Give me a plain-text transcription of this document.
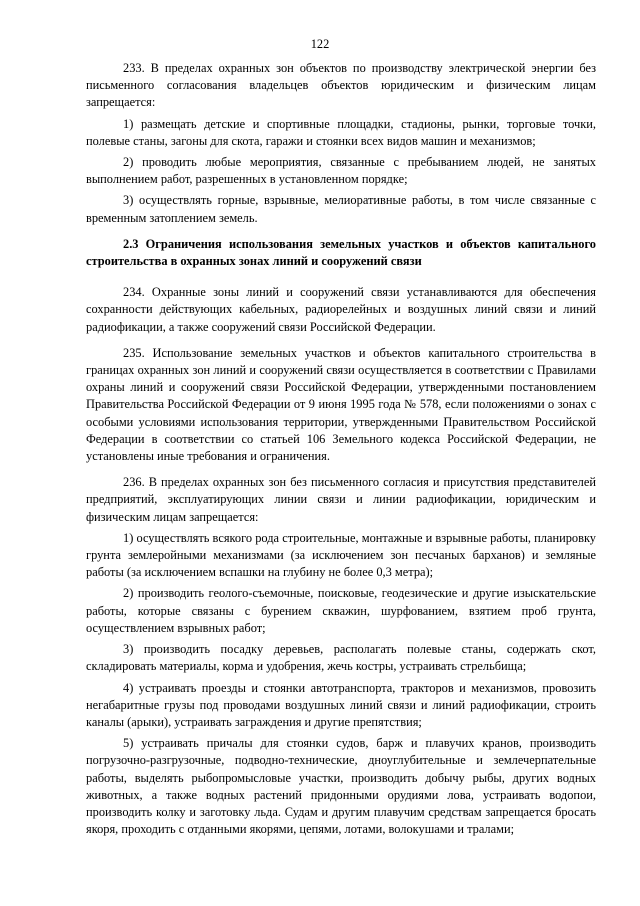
122

233. В пределах охранных зон объектов по производству электрической энергии без письменного согласования владельцев объектов юридическим и физическим лицам запрещается:

1) размещать детские и спортивные площадки, стадионы, рынки, торговые точки, полевые станы, загоны для скота, гаражи и стоянки всех видов машин и механизмов;

2) проводить любые мероприятия, связанные с пребыванием людей, не занятых выполнением работ, разрешенных в установленном порядке;

3) осуществлять горные, взрывные, мелиоративные работы, в том числе связанные с временным затоплением земель.

2.3 Ограничения использования земельных участков и объектов капитального строительства в охранных зонах линий и сооружений связи

234. Охранные зоны линий и сооружений связи устанавливаются для обеспечения сохранности действующих кабельных, радиорелейных и воздушных линий связи и линий радиофикации, а также сооружений связи Российской Федерации.

235. Использование земельных участков и объектов капитального строительства в границах охранных зон линий и сооружений связи осуществляется в соответствии с Правилами охраны линий и сооружений связи Российской Федерации, утвержденными постановлением Правительства Российской Федерации от 9 июня 1995 года № 578, если положениями о зонах с особыми условиями использования территории, утвержденными Правительством Российской Федерации в соответствии со статьей 106 Земельного кодекса Российской Федерации, не установлены иные требования и ограничения.

236. В пределах охранных зон без письменного согласия и присутствия представителей предприятий, эксплуатирующих линии связи и линии радиофикации, юридическим и физическим лицам запрещается:

1) осуществлять всякого рода строительные, монтажные и взрывные работы, планировку грунта землеройными механизмами (за исключением зон песчаных барханов) и земляные работы (за исключением вспашки на глубину не более 0,3 метра);

2) производить геолого-съемочные, поисковые, геодезические и другие изыскательские работы, которые связаны с бурением скважин, шурфованием, взятием проб грунта, осуществлением взрывных работ;

3) производить посадку деревьев, располагать полевые станы, содержать скот, складировать материалы, корма и удобрения, жечь костры, устраивать стрельбища;

4) устраивать проезды и стоянки автотранспорта, тракторов и механизмов, провозить негабаритные грузы под проводами воздушных линий связи и линий радиофикации, строить каналы (арыки), устраивать заграждения и другие препятствия;

5) устраивать причалы для стоянки судов, барж и плавучих кранов, производить погрузочно-разгрузочные, подводно-технические, дноуглубительные и землечерпательные работы, выделять рыбопромысловые участки, производить добычу рыбы, других водных животных, а также водных растений придонными орудиями лова, устраивать водопои, производить колку и заготовку льда. Судам и другим плавучим средствам запрещается бросать якоря, проходить с отданными якорями, цепями, лотами, волокушами и тралами;
